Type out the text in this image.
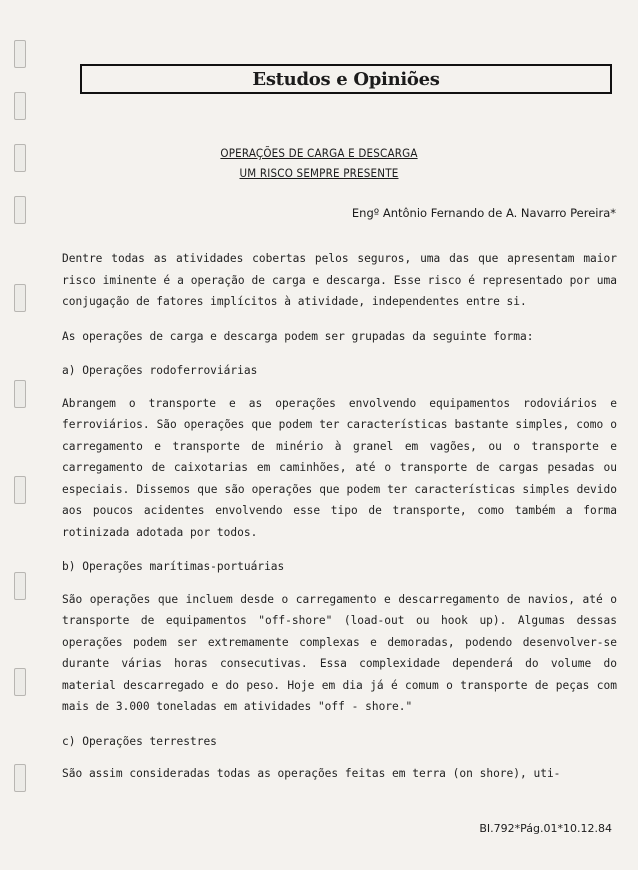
Estudos e Opiniões
OPERAÇÕES DE CARGA E DESCARGA
UM RISCO SEMPRE PRESENTE
Engº Antônio Fernando de A. Navarro Pereira*

Dentre todas as atividades cobertas pelos seguros, uma das que apresentam maior risco iminente é a operação de carga e descarga. Esse risco é representado por uma conjugação de fatores implícitos à atividade, independentes entre si.

As operações de carga e descarga podem ser grupadas da seguinte forma:

a) Operações rodoferroviárias

Abrangem o transporte e as operações envolvendo equipamentos rodoviários e ferroviários. São operações que podem ter características bastante simples, como o carregamento e transporte de minério à granel em vagões, ou o transporte e carregamento de caixotarias em caminhões, até o transporte de cargas pesadas ou especiais. Dissemos que são operações que podem ter características simples devido aos poucos acidentes envolvendo esse tipo de transporte, como também a forma rotinizada adotada por todos.

b) Operações marítimas-portuárias

São operações que incluem desde o carregamento e descarregamento de navios, até o transporte de equipamentos "off-shore" (load-out ou hook up). Algumas dessas operações podem ser extremamente complexas e demoradas, podendo desenvolver-se durante várias horas consecutivas. Essa complexidade dependerá do volume do material descarregado e do peso. Hoje em dia já é comum o transporte de peças com mais de 3.000 toneladas em atividades "off - shore."

c) Operações terrestres

São assim consideradas todas as operações feitas em terra (on shore), uti-

BI.792*Pág.01*10.12.84
